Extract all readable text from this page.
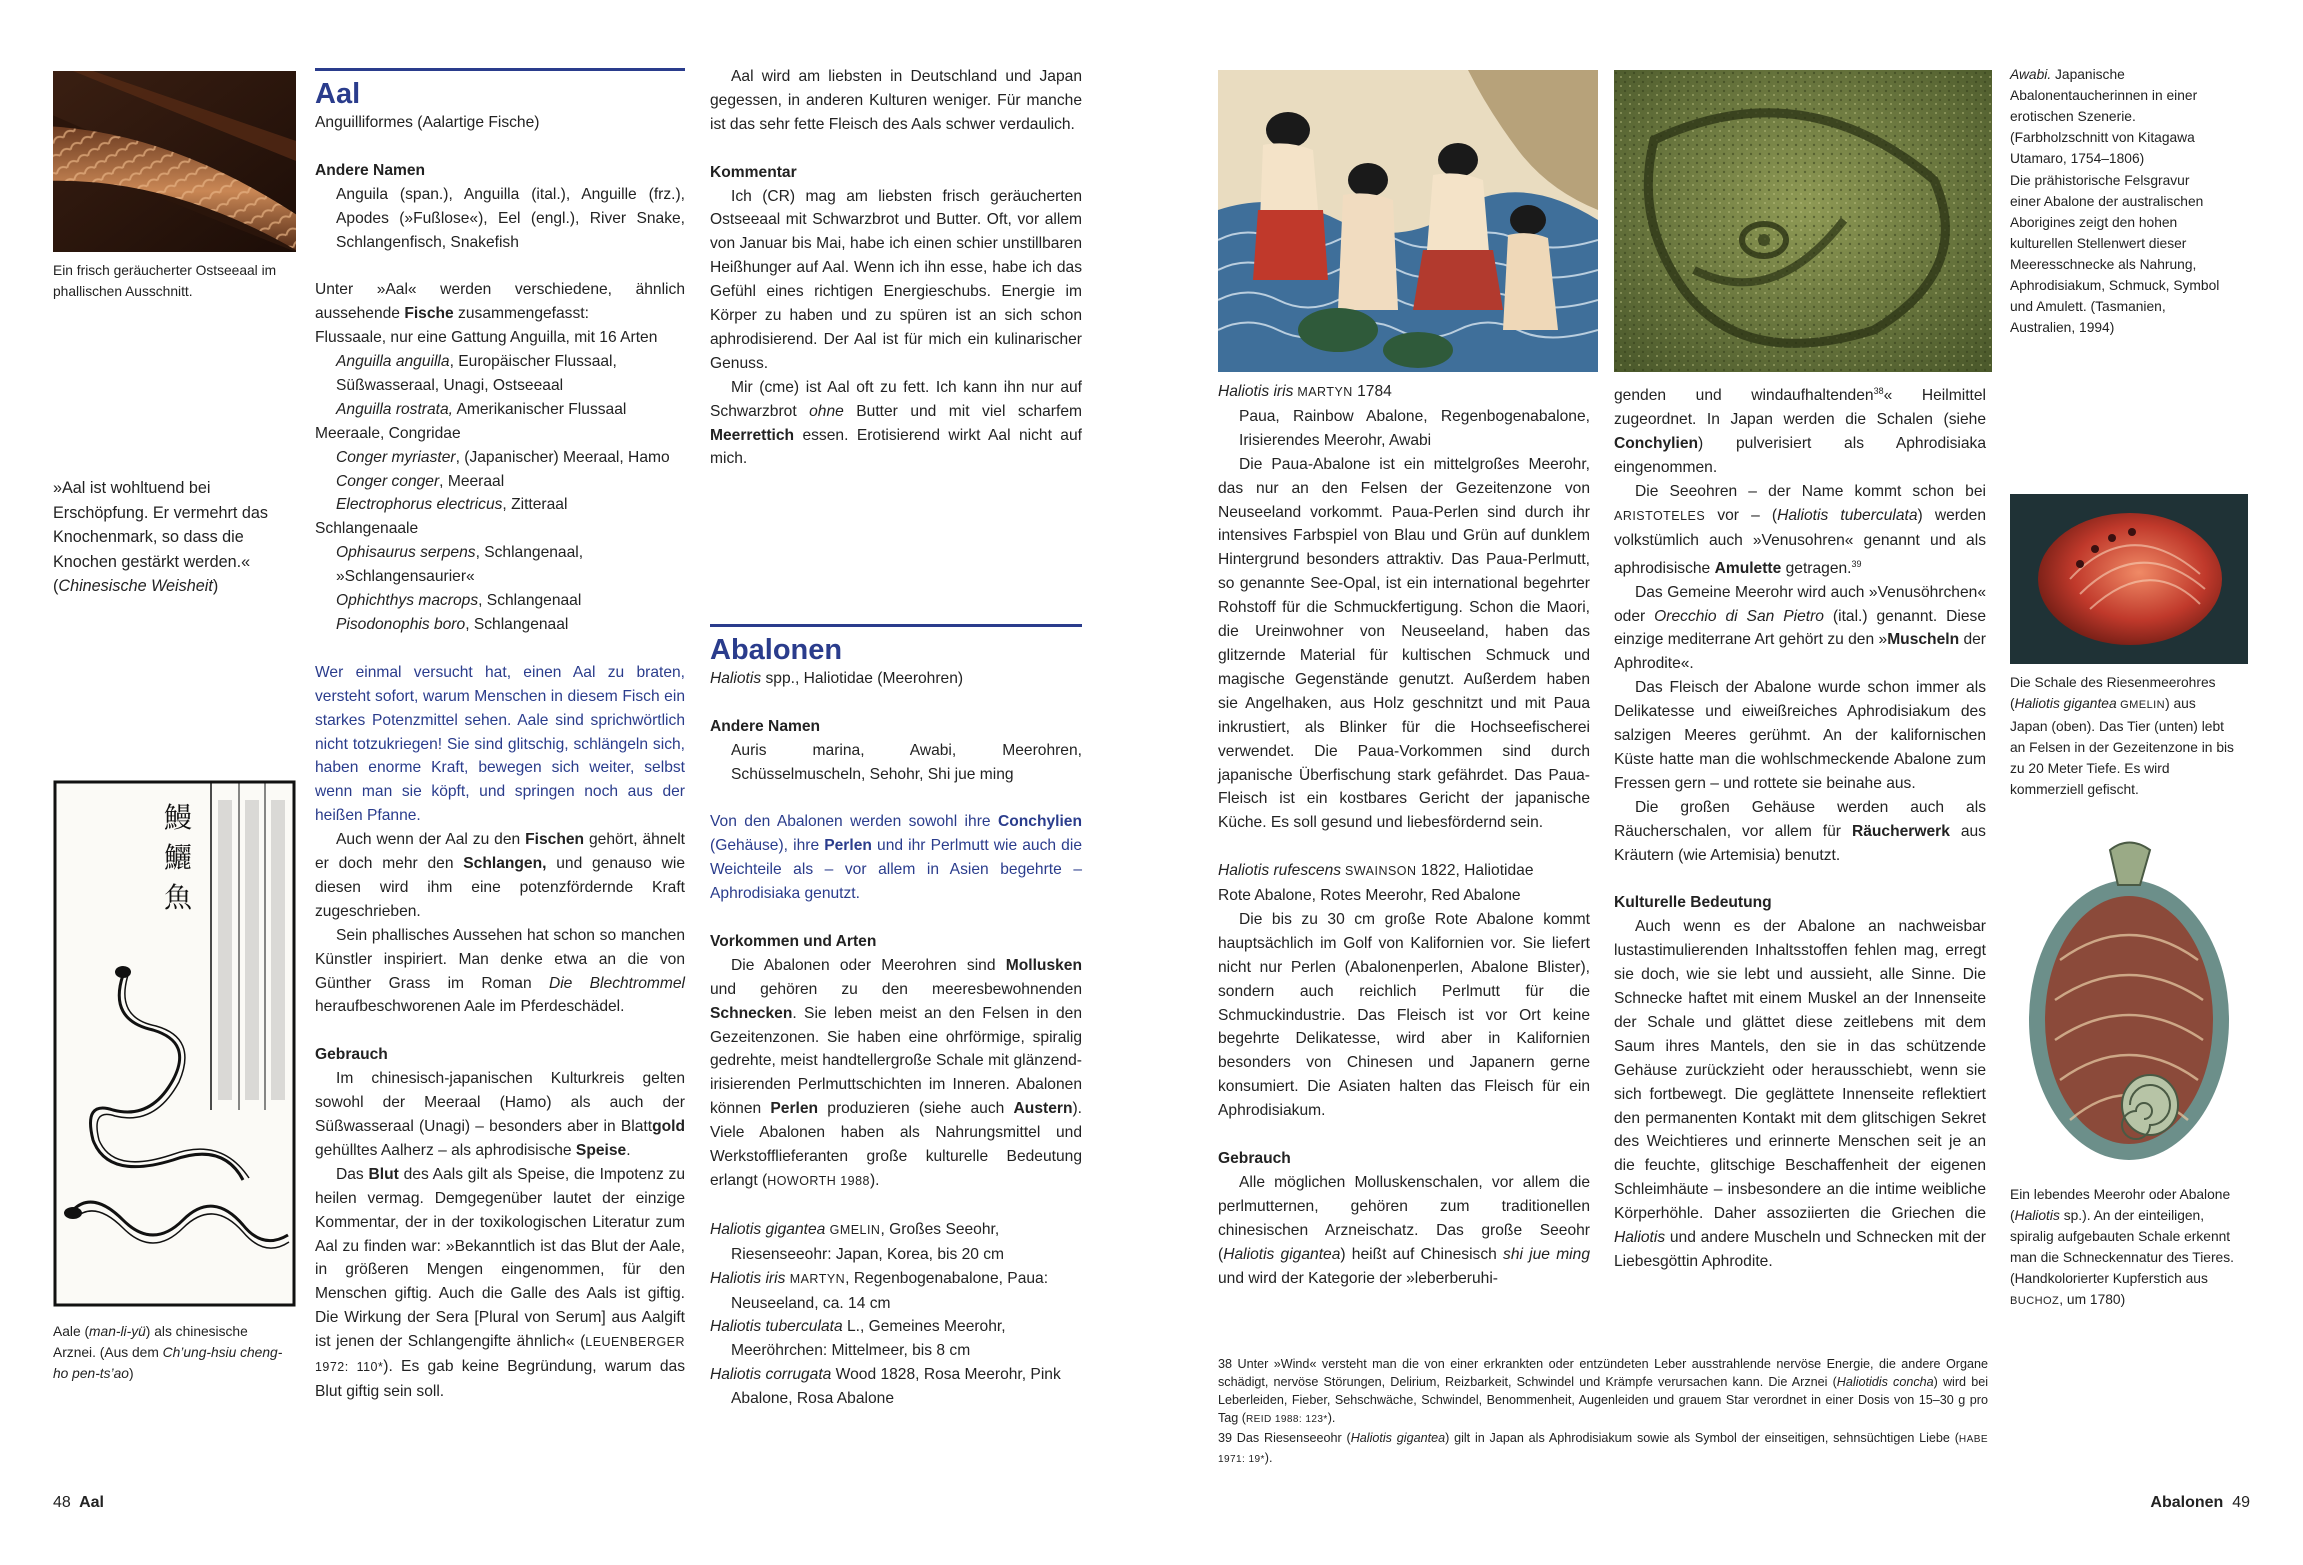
Ein frisch geräucherter Ostseeaal im phallischen Ausschnitt.
»Aal ist wohltuend bei Erschöpfung. Er vermehrt das Knochenmark, so dass die Knochen gestärkt werden.« (Chinesische Weisheit)
鰻鱺魚
Aale (man-li-yü) als chinesische Arznei. (Aus dem Ch’ung-hsiu cheng-ho pen-ts’ao)
Aal

Anguilliformes (Aalartige Fische)

Andere Namen

Anguila (span.), Anguilla (ital.), Anguille (frz.), Apodes (»Fußlose«), Eel (engl.), River Snake, Schlangenfisch, Snakefish

Unter »Aal« werden verschiedene, ähnlich aussehende Fische zusammengefasst:

Flussaale, nur eine Gattung Anguilla, mit 16 Arten

Anguilla anguilla, Europäischer Flussaal, Süßwasseraal, Unagi, Ostseeaal

Anguilla rostrata, Amerikanischer Flussaal

Meeraale, Congridae

Conger myriaster, (Japanischer) Meeraal, Hamo

Conger conger, Meeraal

Electrophorus electricus, Zitteraal

Schlangenaale

Ophisaurus serpens, Schlangenaal, »Schlangensaurier«

Ophichthys macrops, Schlangenaal

Pisodonophis boro, Schlangenaal

Wer einmal versucht hat, einen Aal zu braten, versteht sofort, warum Menschen in diesem Fisch ein starkes Potenzmittel sehen. Aale sind sprichwörtlich nicht totzukriegen! Sie sind glitschig, schlängeln sich, haben enorme Kraft, bewegen sich weiter, selbst wenn man sie köpft, und springen noch aus der heißen Pfanne.

Auch wenn der Aal zu den Fischen gehört, ähnelt er doch mehr den Schlangen, und genauso wie diesen wird ihm eine potenzfördernde Kraft zugeschrieben.

Sein phallisches Aussehen hat schon so manchen Künstler inspiriert. Man denke etwa an die von Günther Grass im Roman Die Blechtrommel heraufbeschworenen Aale im Pferdeschädel.

Gebrauch

Im chinesisch-japanischen Kulturkreis gelten sowohl der Meeraal (Hamo) als auch der Süßwasseraal (Unagi) – besonders aber in Blattgold gehülltes Aalherz – als aphrodisische Speise.

Das Blut des Aals gilt als Speise, die Impotenz zu heilen vermag. Demgegenüber lautet der einzige Kommentar, der in der toxikologischen Literatur zum Aal zu finden war: »Bekanntlich ist das Blut der Aale, in größeren Mengen eingenommen, für den Menschen giftig. Auch die Galle des Aals ist giftig. Die Wirkung der Sera [Plural von Serum] aus Aalgift ist jenen der Schlangengifte ähnlich« (LEUENBERGER 1972: 110*). Es gab keine Begründung, warum das Blut giftig sein soll.

Aal wird am liebsten in Deutschland und Japan gegessen, in anderen Kulturen weniger. Für manche ist das sehr fette Fleisch des Aals schwer verdaulich.

Kommentar

Ich (CR) mag am liebsten frisch geräucherten Ostseeaal mit Schwarzbrot und Butter. Oft, vor allem von Januar bis Mai, habe ich einen schier unstillbaren Heißhunger auf Aal. Wenn ich ihn esse, habe ich das Gefühl eines richtigen Energieschubs. Energie im Körper zu haben und zu spüren ist an sich schon aphrodisierend. Der Aal ist für mich ein kulinarischer Genuss.

Mir (cme) ist Aal oft zu fett. Ich kann ihn nur auf Schwarzbrot ohne Butter und mit viel scharfem Meerrettich essen. Erotisierend wirkt Aal nicht auf mich.

Abalonen

Haliotis spp., Haliotidae (Meerohren)

Andere Namen

Auris marina, Awabi, Meerohren, Schüsselmuscheln, Sehohr, Shi jue ming

Von den Abalonen werden sowohl ihre Conchylien (Gehäuse), ihre Perlen und ihr Perlmutt wie auch die Weichteile als – vor allem in Asien begehrte – Aphrodisiaka genutzt.

Vorkommen und Arten

Die Abalonen oder Meerohren sind Mollusken und gehören zu den meeresbewohnenden Schnecken. Sie leben meist an den Felsen in den Gezeitenzonen. Sie haben eine ohrförmige, spiralig gedrehte, meist handtellergroße Schale mit glänzend-irisierenden Perlmuttschichten im Inneren. Abalonen können Perlen produzieren (siehe auch Austern). Viele Abalonen haben als Nahrungsmittel und Werkstofflieferanten große kulturelle Bedeutung erlangt (HOWORTH 1988).

Haliotis gigantea GMELIN, Großes Seeohr, Riesenseeohr: Japan, Korea, bis 20 cm

Haliotis iris MARTYN, Regenbogenabalone, Paua: Neuseeland, ca. 14 cm

Haliotis tuberculata L., Gemeines Meerohr, Meeröhrchen: Mittelmeer, bis 8 cm

Haliotis corrugata Wood 1828, Rosa Meerohr, Pink Abalone, Rosa Abalone

48 Aal
Awabi. Japanische Abalonentaucherinnen in einer erotischen Szenerie. (Farbholzschnitt von Kitagawa Utamaro, 1754–1806)
Die prähistorische Felsgravur einer Abalone der australischen Aborigines zeigt den hohen kulturellen Stellenwert dieser Meeresschnecke als Nahrung, Aphrodisiakum, Schmuck, Symbol und Amulett. (Tasmanien, Australien, 1994)
Die Schale des Riesenmeerohres (Haliotis gigantea GMELIN) aus Japan (oben). Das Tier (unten) lebt an Felsen in der Gezeitenzone in bis zu 20 Meter Tiefe. Es wird kommerziell gefischt.
Ein lebendes Meerohr oder Abalone (Haliotis sp.). An der einteiligen, spiralig aufgebauten Schale erkennt man die Schneckennatur des Tieres. (Handkolorierter Kupferstich aus BUCHOZ, um 1780)

Haliotis iris MARTYN 1784

Paua, Rainbow Abalone, Regenbogenabalone, Irisierendes Meerohr, Awabi

Die Paua-Abalone ist ein mittelgroßes Meerohr, das nur an den Felsen der Gezeitenzone von Neuseeland vorkommt. Paua-Perlen sind durch ihr intensives Farbspiel von Blau und Grün auf dunklem Hintergrund besonders attraktiv. Das Paua-Perlmutt, so genannte See-Opal, ist ein international begehrter Rohstoff für die Schmuckfertigung. Schon die Maori, die Ureinwohner von Neuseeland, haben das glitzernde Material für kultischen Schmuck und magische Gegenstände genutzt. Außerdem haben sie Angelhaken, aus Holz geschnitzt und mit Paua inkrustiert, als Blinker für die Hochseefischerei verwendet. Die Paua-Vorkommen sind durch japanische Überfischung stark gefährdet. Das Paua-Fleisch ist ein kostbares Gericht der japanische Küche. Es soll gesund und liebesfördernd sein.

Haliotis rufescens SWAINSON 1822, Haliotidae

Rote Abalone, Rotes Meerohr, Red Abalone

Die bis zu 30 cm große Rote Abalone kommt hauptsächlich im Golf von Kalifornien vor. Sie liefert nicht nur Perlen (Abalonenperlen, Abalone Blister), sondern auch reichlich Perlmutt für die Schmuckindustrie. Das Fleisch ist vor Ort keine begehrte Delikatesse, wird aber in Kalifornien besonders von Chinesen und Japanern gerne konsumiert. Die Asiaten halten das Fleisch für ein Aphrodisiakum.

Gebrauch

Alle möglichen Molluskenschalen, vor allem die perlmutternen, gehören zum traditionellen chinesischen Arzneischatz. Das große Seeohr (Haliotis gigantea) heißt auf Chinesisch shi jue ming und wird der Kategorie der »leberberuhi-

genden und windaufhaltenden$^{38}$« Heilmittel zugeordnet. In Japan werden die Schalen (siehe Conchylien) pulverisiert als Aphrodisiaka eingenommen.

Die Seeohren – der Name kommt schon bei ARISTOTELES vor – (Haliotis tuberculata) werden volkstümlich auch »Venusohren« genannt und als aphrodisische Amulette getragen.$^{39}$

Das Gemeine Meerohr wird auch »Venusöhrchen« oder Orecchio di San Pietro (ital.) genannt. Diese einzige mediterrane Art gehört zu den »Muscheln der Aphrodite«.

Das Fleisch der Abalone wurde schon immer als Delikatesse und eiweißreiches Aphrodisiakum des salzigen Meeres gerühmt. An der kalifornischen Küste hatte man die wohlschmeckende Abalone zum Fressen gern – und rottete sie beinahe aus.

Die großen Gehäuse werden auch als Räucherschalen, vor allem für Räucherwerk aus Kräutern (wie Artemisia) benutzt.

Kulturelle Bedeutung

Auch wenn es der Abalone an nachweisbar lustastimulierenden Inhaltsstoffen fehlen mag, erregt sie doch, wie sie lebt und aussieht, alle Sinne. Die Schnecke haftet mit einem Muskel an der Innenseite der Schale und glättet diese zeitlebens mit dem Saum ihres Mantels, den sie in das schützende Gehäuse zurückzieht oder herausschiebt, wenn sie sich fortbewegt. Die geglättete Innenseite reflektiert den permanenten Kontakt mit dem glitschigen Sekret des Weichtieres und erinnerte Menschen seit je an die feuchte, glitschige Beschaffenheit der eigenen Schleimhäute – insbesondere an die intime weibliche Körperhöhle. Daher assoziierten die Griechen die Haliotis und andere Muscheln und Schnecken mit der Liebesgöttin Aphrodite.

38 Unter »Wind« versteht man die von einer erkrankten oder entzündeten Leber ausstrahlende nervöse Energie, die andere Organe schädigt, nervöse Störungen, Delirium, Reizbarkeit, Schwindel und Krämpfe verursachen kann. Die Arznei (Haliotidis concha) wird bei Leberleiden, Fieber, Sehschwäche, Schwindel, Benommenheit, Augenleiden und grauem Star verordnet in einer Dosis von 15–30 g pro Tag (REID 1988: 123*).

39 Das Riesenseeohr (Haliotis gigantea) gilt in Japan als Aphrodisiakum sowie als Symbol der einseitigen, sehnsüchtigen Liebe (HABE 1971: 19*).

Abalonen 49
